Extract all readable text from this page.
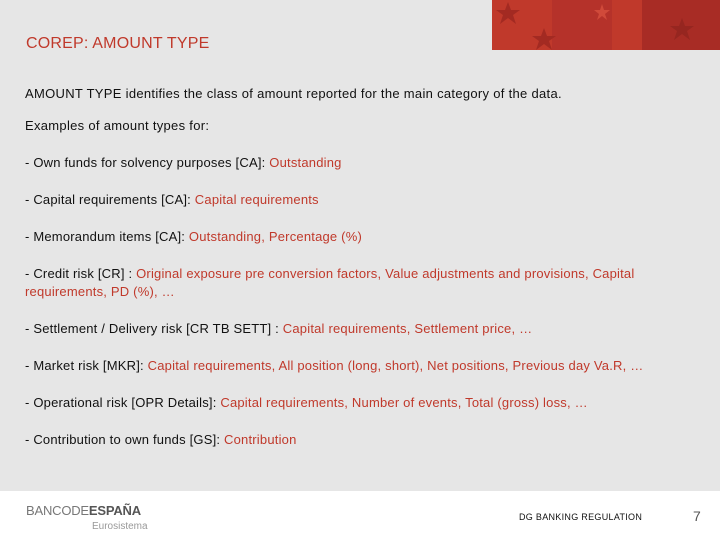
COREP: AMOUNT TYPE
AMOUNT TYPE identifies the class of amount reported for the main category of the data.
Examples of amount types for:
- Own funds for solvency purposes [CA]: Outstanding
- Capital requirements [CA]: Capital requirements
- Memorandum items [CA]: Outstanding, Percentage (%)
- Credit risk [CR] : Original exposure pre conversion factors, Value adjustments and provisions, Capital requirements, PD (%), …
- Settlement / Delivery risk [CR TB SETT] : Capital requirements, Settlement price, …
- Market risk [MKR]: Capital requirements, All position (long, short), Net positions, Previous day Va.R, …
- Operational risk [OPR Details]: Capital requirements, Number of events, Total (gross) loss, …
- Contribution to own funds [GS]: Contribution
BANCODEESPAÑA
Eurosistema
DG BANKING REGULATION	7
